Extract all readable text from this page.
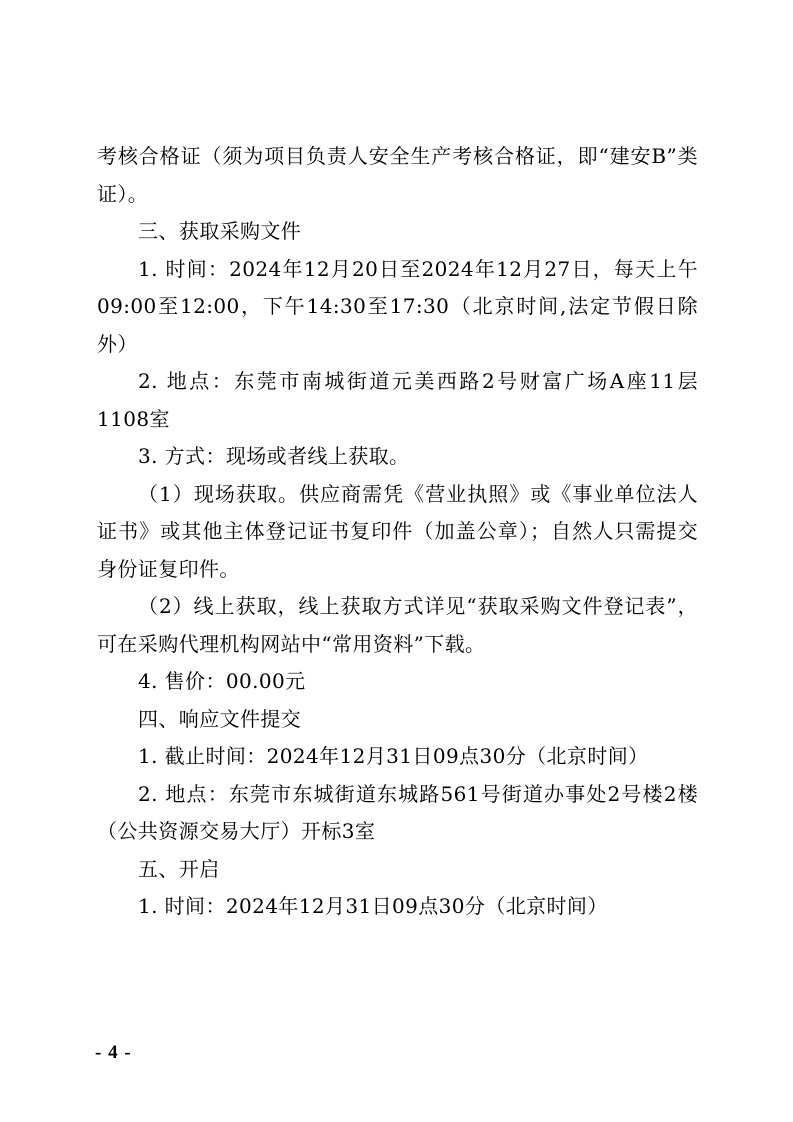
考核合格证（须为项目负责人安全生产考核合格证，即“建安B”类证）。

三、获取采购文件

1. 时间：2024年12月20日至2024年12月27日，每天上午09:00至12:00，下午14:30至17:30（北京时间,法定节假日除外）

2. 地点：东莞市南城街道元美西路2号财富广场A座11层1108室

3. 方式：现场或者线上获取。

（1）现场获取。供应商需凭《营业执照》或《事业单位法人证书》或其他主体登记证书复印件（加盖公章）；自然人只需提交身份证复印件。

（2）线上获取，线上获取方式详见“获取采购文件登记表”，可在采购代理机构网站中“常用资料”下载。

4. 售价：00.00元

四、响应文件提交

1. 截止时间：2024年12月31日09点30分（北京时间）

2. 地点：东莞市东城街道东城路561号街道办事处2号楼2楼（公共资源交易大厅）开标3室

五、开启

1. 时间：2024年12月31日09点30分（北京时间）

- 4 -
